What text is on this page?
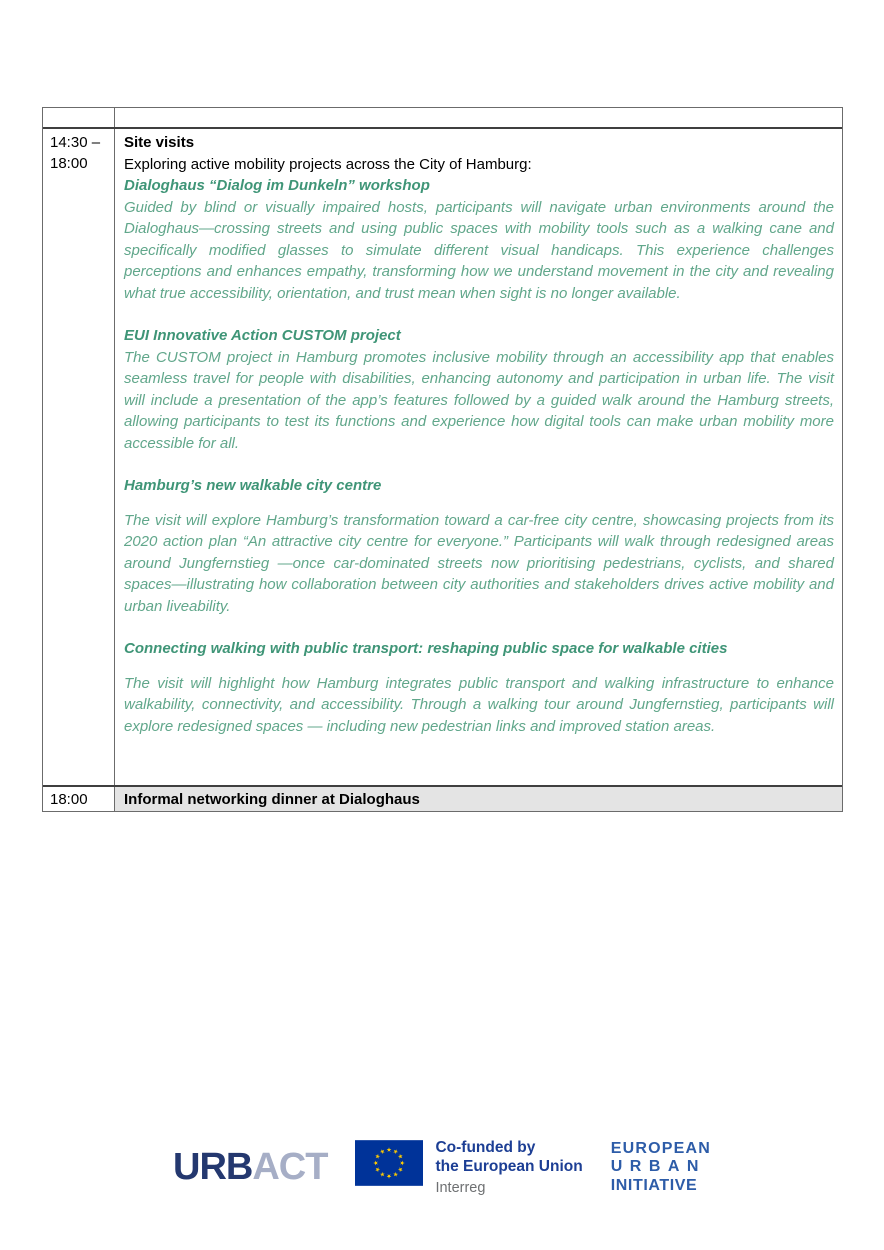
14:30 –
18:00
Site visits
Exploring active mobility projects across the City of Hamburg:
Dialoghaus “Dialog im Dunkeln” workshop
Guided by blind or visually impaired hosts, participants will navigate urban environments around the Dialoghaus—crossing streets and using public spaces with mobility tools such as a walking cane and specifically modified glasses to simulate different visual handicaps. This experience challenges perceptions and enhances empathy, transforming how we understand movement in the city and revealing what true accessibility, orientation, and trust mean when sight is no longer available.
EUI Innovative Action CUSTOM project
The CUSTOM project in Hamburg promotes inclusive mobility through an accessibility app that enables seamless travel for people with disabilities, enhancing autonomy and participation in urban life. The visit will include a presentation of the app’s features followed by a guided walk around the Hamburg streets, allowing participants to test its functions and experience how digital tools can make urban mobility more accessible for all.
Hamburg’s new walkable city centre
The visit will explore Hamburg’s transformation toward a car-free city centre, showcasing projects from its 2020 action plan “An attractive city centre for everyone.” Participants will walk through redesigned areas around Jungfernstieg —once car-dominated streets now prioritising pedestrians, cyclists, and shared spaces—illustrating how collaboration between city authorities and stakeholders drives active mobility and urban liveability.
Connecting walking with public transport: reshaping public space for walkable cities
The visit will highlight how Hamburg integrates public transport and walking infrastructure to enhance walkability, connectivity, and accessibility. Through a walking tour around Jungfernstieg, participants will explore redesigned spaces — including new pedestrian links and improved station areas.
18:00	Informal networking dinner at Dialoghaus
URBACT	Co-funded by
the European Union
Interreg
EUROPEAN
URBAN
INITIATIVE
